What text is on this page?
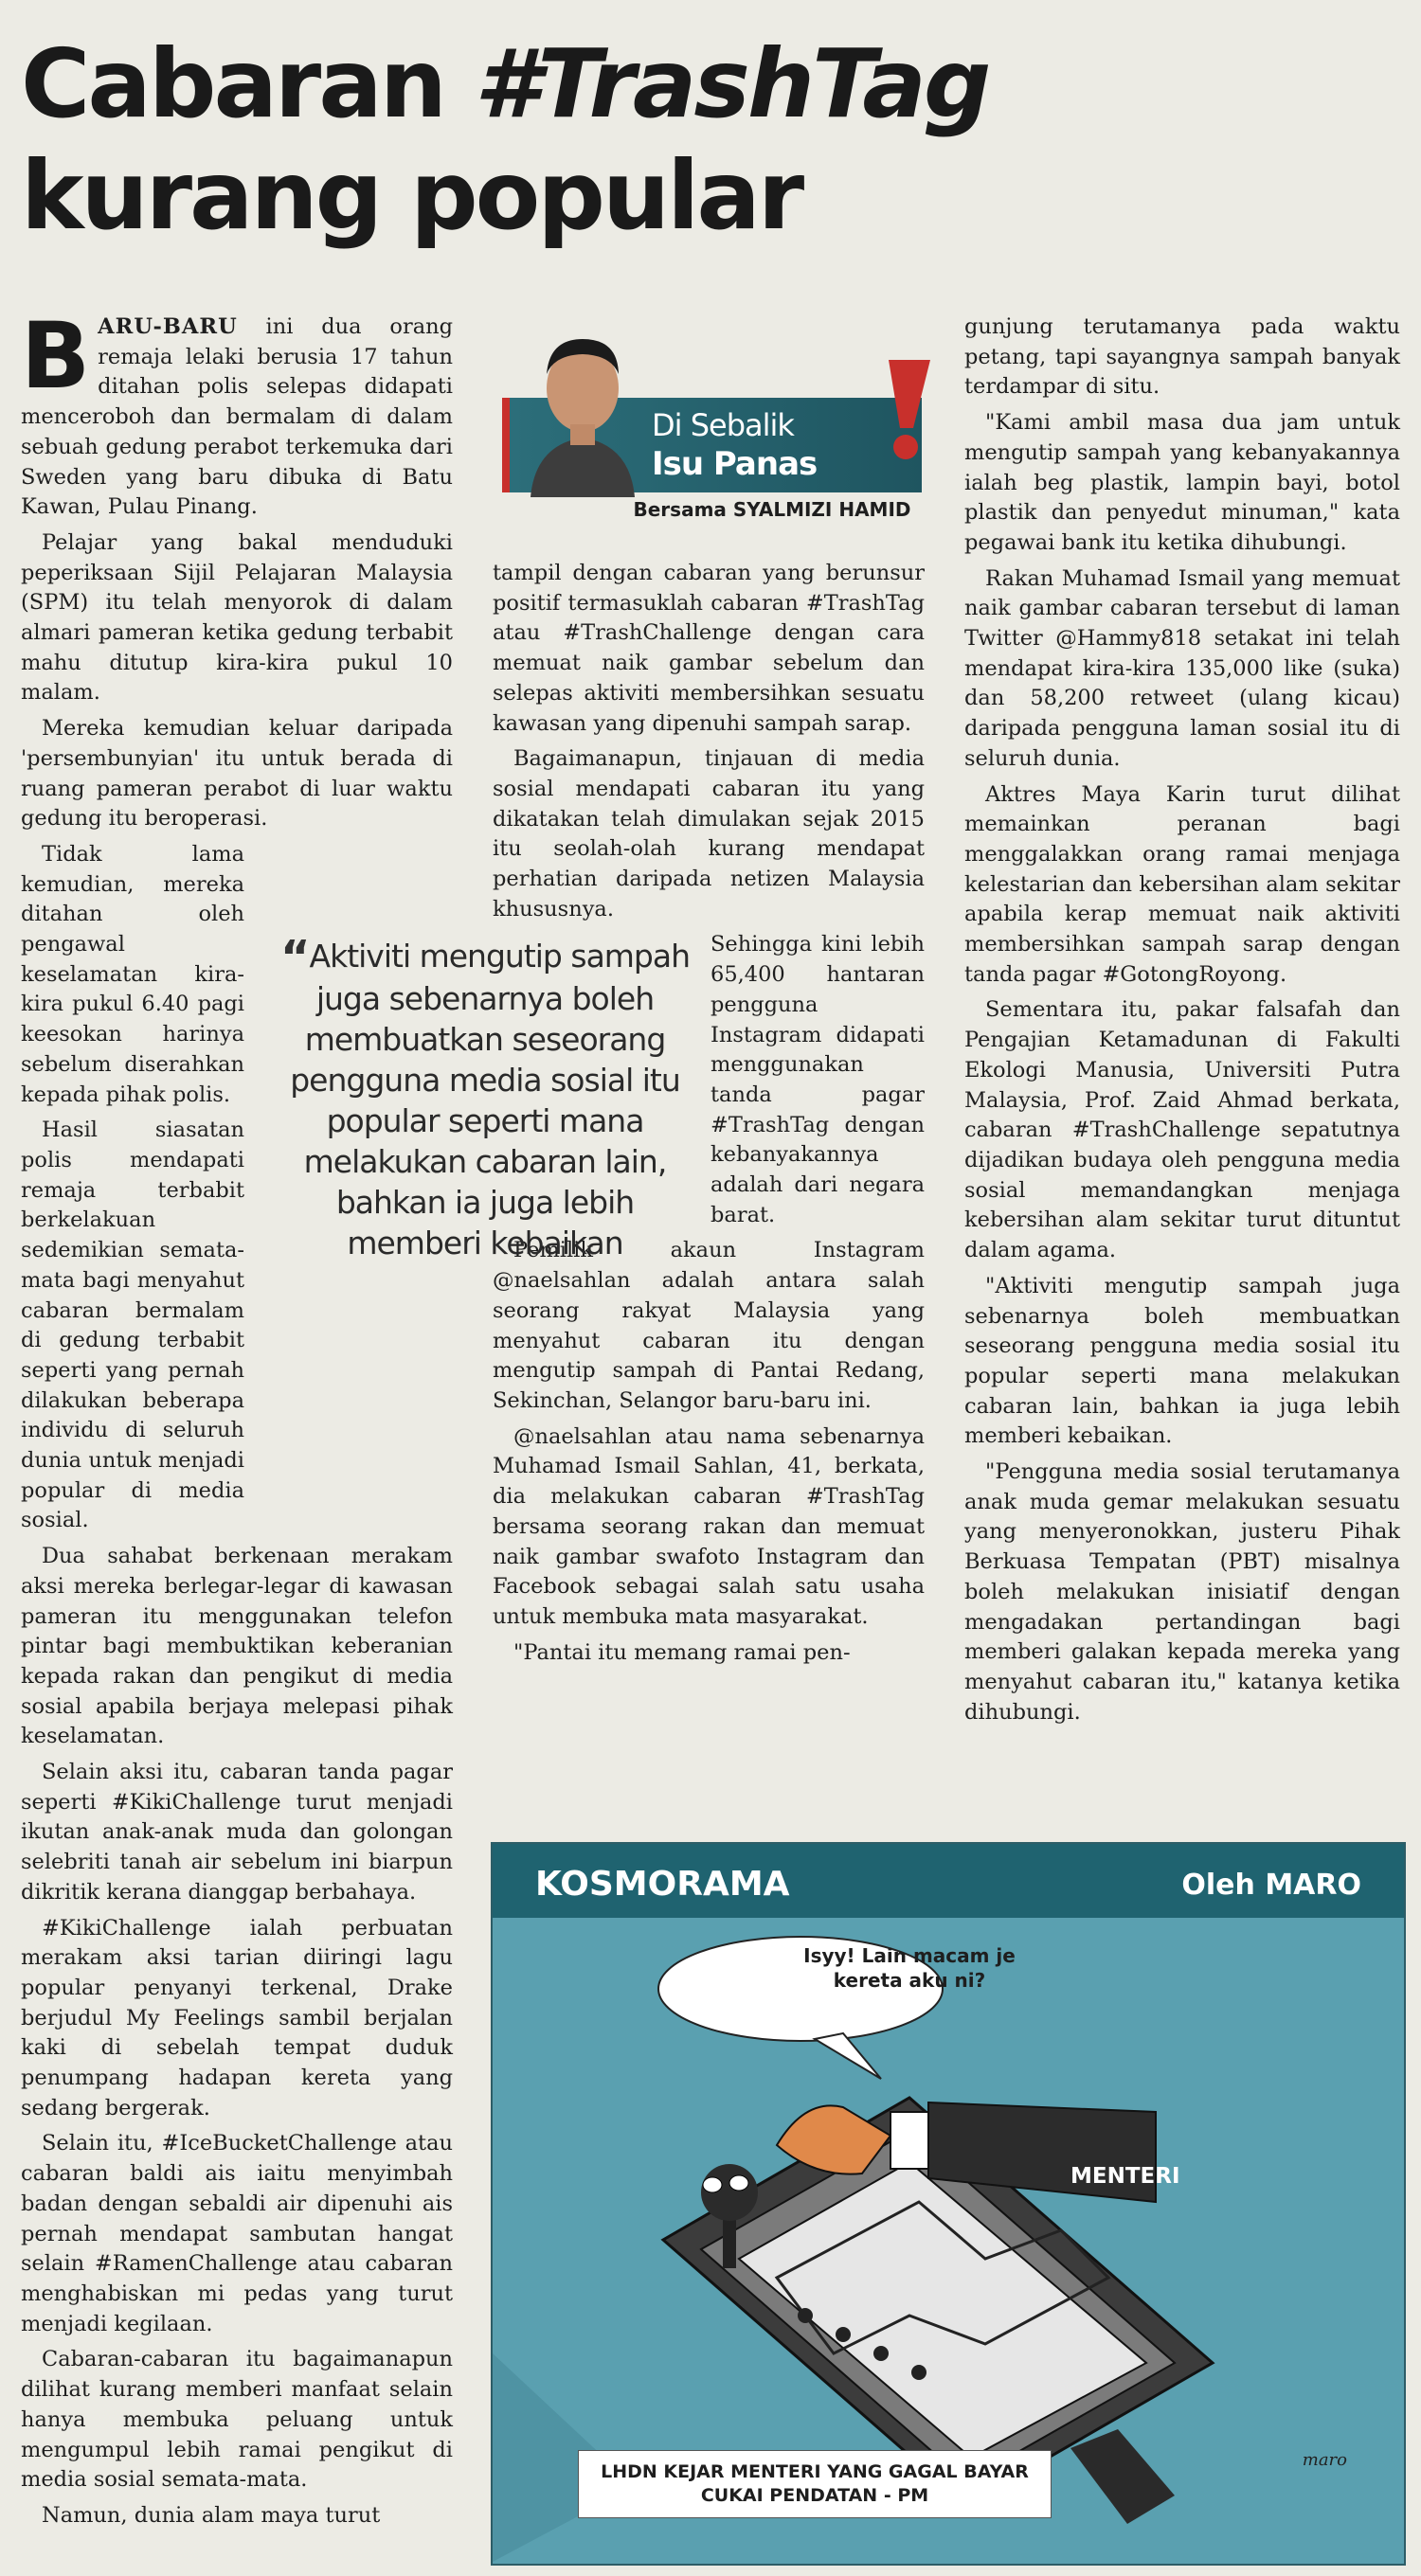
Cabaran #TrashTag
kurang popular

BARU-BARU ini dua orang remaja lelaki berusia 17 tahun ditahan polis selepas didapati menceroboh dan bermalam di dalam sebuah gedung perabot terkemuka dari Sweden yang baru dibuka di Batu Kawan, Pulau Pinang.

Pelajar yang bakal menduduki peperiksaan Sijil Pelajaran Malaysia (SPM) itu telah menyorok di dalam almari pameran ketika gedung terbabit mahu ditutup kira-kira pukul 10 malam.

Mereka kemudian keluar daripada 'persembunyian' itu untuk berada di ruang pameran perabot di luar waktu gedung itu beroperasi.

Tidak lama kemudian, mereka ditahan oleh pengawal keselamatan kira-kira pukul 6.40 pagi keesokan harinya sebelum diserahkan kepada pihak polis.

Hasil siasatan polis mendapati remaja terbabit berkelakuan sedemikian semata-mata bagi menyahut cabaran bermalam di gedung terbabit seperti yang pernah dilakukan beberapa individu di seluruh dunia untuk menjadi popular di media sosial.

Dua sahabat berkenaan merakam aksi mereka berlegar-legar di kawasan pameran itu menggunakan telefon pintar bagi membuktikan keberanian kepada rakan dan pengikut di media sosial apabila berjaya melepasi pihak keselamatan.

Selain aksi itu, cabaran tanda pagar seperti #KikiChallenge turut menjadi ikutan anak-anak muda dan golongan selebriti tanah air sebelum ini biarpun dikritik kerana dianggap berbahaya.

#KikiChallenge ialah perbuatan merakam aksi tarian diiringi lagu popular penyanyi terkenal, Drake berjudul My Feelings sambil berjalan kaki di sebelah tempat duduk penumpang hadapan kereta yang sedang bergerak.

Selain itu, #IceBucketChallenge atau cabaran baldi ais iaitu menyimbah badan dengan sebaldi air dipenuhi ais pernah mendapat sambutan hangat selain #RamenChallenge atau cabaran menghabiskan mi pedas yang turut menjadi kegilaan.

Cabaran-cabaran itu bagaimanapun dilihat kurang memberi manfaat selain hanya membuka peluang untuk mengumpul lebih ramai pengikut di media sosial semata-mata.

Namun, dunia alam maya turut

Di Sebalik
Isu Panas
Bersama SYALMIZI HAMID

tampil dengan cabaran yang berunsur positif termasuklah cabaran #TrashTag atau #TrashChallenge dengan cara memuat naik gambar sebelum dan selepas aktiviti membersihkan sesuatu kawasan yang dipenuhi sampah sarap.

Bagaimanapun, tinjauan di media sosial mendapati cabaran itu yang dikatakan telah dimulakan sejak 2015 itu seolah-olah kurang mendapat perhatian daripada netizen Malaysia khususnya.

Sehingga kini lebih 65,400 hantaran pengguna Instagram didapati menggunakan tanda pagar #TrashTag dengan kebanyakannya adalah dari negara barat.

Pemilik akaun Instagram @naelsahlan adalah antara salah seorang rakyat Malaysia yang menyahut cabaran itu dengan mengutip sampah di Pantai Redang, Sekinchan, Selangor baru-baru ini.

@naelsahlan atau nama sebenarnya Muhamad Ismail Sahlan, 41, berkata, dia melakukan cabaran #TrashTag bersama seorang rakan dan memuat naik gambar swafoto Instagram dan Facebook sebagai salah satu usaha untuk membuka mata masyarakat.

"Pantai itu memang ramai pen-

“Aktiviti mengutip sampah juga sebenarnya boleh membuatkan seseorang pengguna media sosial itu popular seperti mana melakukan cabaran lain, bahkan ia juga lebih memberi kebaikan

gunjung terutamanya pada waktu petang, tapi sayangnya sampah banyak terdampar di situ.

"Kami ambil masa dua jam untuk mengutip sampah yang kebanyakannya ialah beg plastik, lampin bayi, botol plastik dan penyedut minuman," kata pegawai bank itu ketika dihubungi.

Rakan Muhamad Ismail yang memuat naik gambar cabaran tersebut di laman Twitter @Hammy818 setakat ini telah mendapat kira-kira 135,000 like (suka) dan 58,200 retweet (ulang kicau) daripada pengguna laman sosial itu di seluruh dunia.

Aktres Maya Karin turut dilihat memainkan peranan bagi menggalakkan orang ramai menjaga kelestarian dan kebersihan alam sekitar apabila kerap memuat naik aktiviti membersihkan sampah sarap dengan tanda pagar #GotongRoyong.

Sementara itu, pakar falsafah dan Pengajian Ketamadunan di Fakulti Ekologi Manusia, Universiti Putra Malaysia, Prof. Zaid Ahmad berkata, cabaran #TrashChallenge sepatutnya dijadikan budaya oleh pengguna media sosial memandangkan menjaga kebersihan alam sekitar turut dituntut dalam agama.

"Aktiviti mengutip sampah juga sebenarnya boleh membuatkan seseorang pengguna media sosial itu popular seperti mana melakukan cabaran lain, bahkan ia juga lebih memberi kebaikan.

"Pengguna media sosial terutamanya anak muda gemar melakukan sesuatu yang menyeronokkan, justeru Pihak Berkuasa Tempatan (PBT) misalnya boleh melakukan inisiatif dengan mengadakan pertandingan bagi memberi galakan kepada mereka yang menyahut cabaran itu," katanya ketika dihubungi.

KOSMORAMA	Oleh MARO
Isyy! Lain macam je kereta aku ni?
MENTERI
LHDN KEJAR MENTERI YANG GAGAL BAYAR CUKAI PENDATAN - PM
maro
